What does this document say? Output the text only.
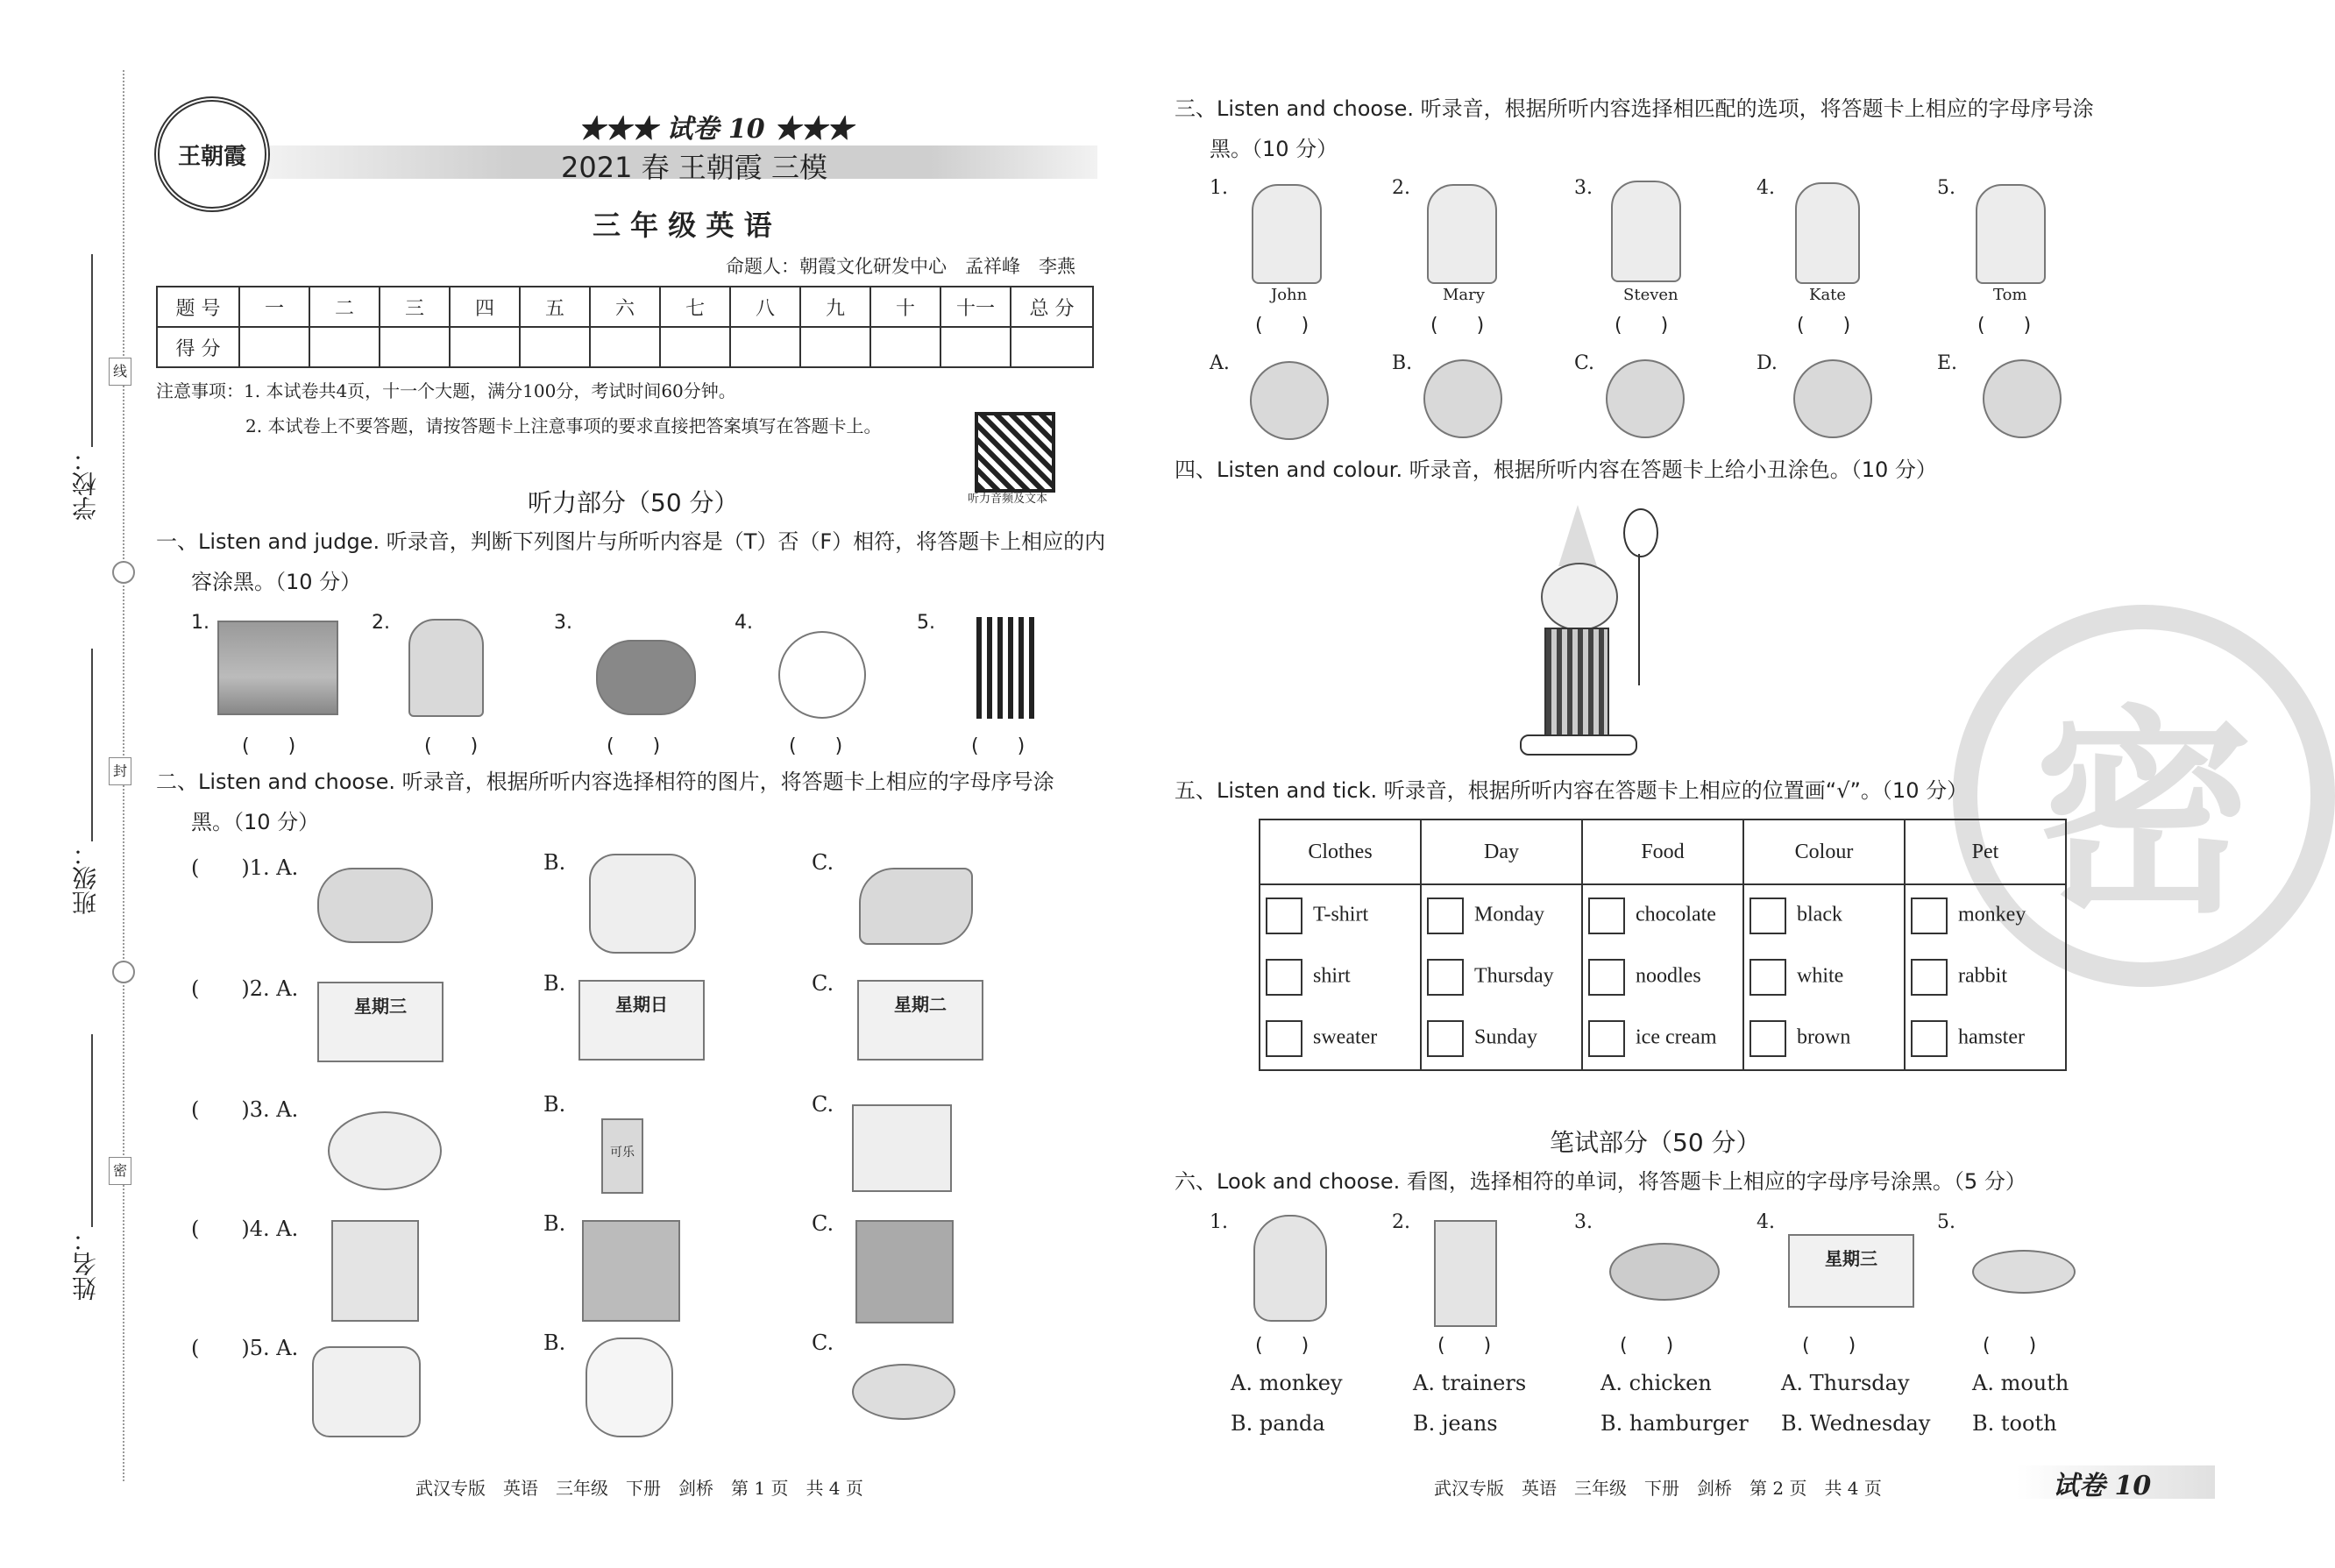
学校：
班级：
姓名：
线
封
密
王朝霞
★★★ 试卷 10 ★★★
2021 春 王朝霞 三模
三 年 级 英 语
命题人：朝霞文化研发中心　孟祥峰　李燕
题 号	一	二	三	四	五	六	七	八	九	十	十一	总 分
得 分												
注意事项：1. 本试卷共4页，十一个大题，满分100分，考试时间60分钟。
2. 本试卷上不要答题，请按答题卡上注意事项的要求直接把答案填写在答题卡上。
听力音频及文本
听力部分（50 分）
一、Listen and judge. 听录音，判断下列图片与所听内容是（T）否（F）相符，将答题卡上相应的内
容涂黑。（10 分）
1.	2.	3.	4.	5.
(　　)	(　　)	(　　)	(　　)	(　　)
二、Listen and choose. 听录音，根据所听内容选择相符的图片，将答题卡上相应的字母序号涂
黑。（10 分）
(　　)1. A.	B.	C.
(　　)2. A.
星期三
B.
星期日
C.
星期二
(　　)3. A.	B.
可乐
C.
(　　)4. A.	B.	C.
(　　)5. A.	B.	C.
武汉专版　英语　三年级　下册　剑桥　第 1 页　共 4 页
密
三、Listen and choose. 听录音，根据所听内容选择相匹配的选项，将答题卡上相应的字母序号涂
黑。（10 分）
1.
John
2.
Mary
3.
Steven
4.
Kate
5.
Tom
(　　)	(　　)	(　　)	(　　)	(　　)
A.	B.	C.	D.	E.
四、Listen and colour. 听录音，根据所听内容在答题卡上给小丑涂色。（10 分）
五、Listen and tick. 听录音，根据所听内容在答题卡上相应的位置画“√”。（10 分）
Clothes	Day	Food	Colour	Pet
T-shirt	Monday	chocolate	black	monkey
shirt	Thursday	noodles	white	rabbit
sweater	Sunday	ice cream	brown	hamster
笔试部分（50 分）
六、Look and choose. 看图，选择相符的单词，将答题卡上相应的字母序号涂黑。（5 分）
1.	2.	3.	4.
星期三
5.
(　　)	(　　)	(　　)	(　　)	(　　)
A. monkey
B. panda
A. trainers
B. jeans
A. chicken
B. hamburger
A. Thursday
B. Wednesday
A. mouth
B. tooth
武汉专版　英语　三年级　下册　剑桥　第 2 页　共 4 页	试卷 10
